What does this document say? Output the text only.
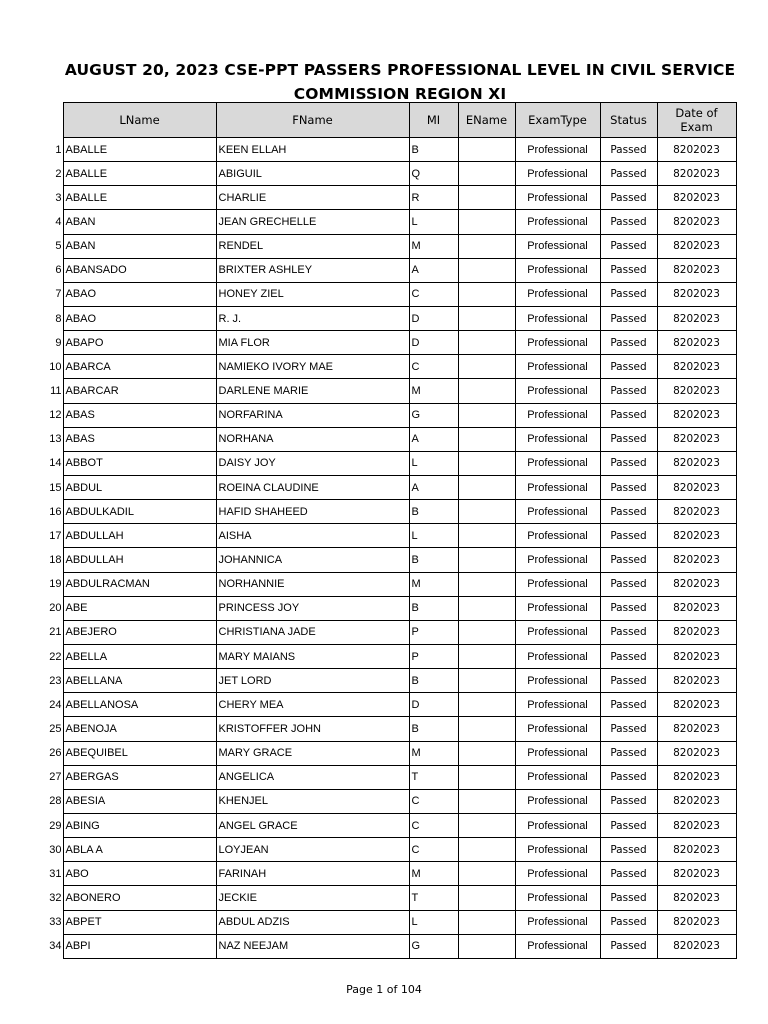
AUGUST 20, 2023 CSE-PPT PASSERS PROFESSIONAL LEVEL IN CIVIL SERVICE
COMMISSION REGION XI
	LName	FName	MI	EName	ExamType	Status	Date of Exam
1	ABALLE	KEEN ELLAH	B		Professional	Passed	8202023
2	ABALLE	ABIGUIL	Q		Professional	Passed	8202023
3	ABALLE	CHARLIE	R		Professional	Passed	8202023
4	ABAN	JEAN GRECHELLE	L		Professional	Passed	8202023
5	ABAN	RENDEL	M		Professional	Passed	8202023
6	ABANSADO	BRIXTER ASHLEY	A		Professional	Passed	8202023
7	ABAO	HONEY ZIEL	C		Professional	Passed	8202023
8	ABAO	R. J.	D		Professional	Passed	8202023
9	ABAPO	MIA FLOR	D		Professional	Passed	8202023
10	ABARCA	NAMIEKO IVORY MAE	C		Professional	Passed	8202023
11	ABARCAR	DARLENE MARIE	M		Professional	Passed	8202023
12	ABAS	NORFARINA	G		Professional	Passed	8202023
13	ABAS	NORHANA	A		Professional	Passed	8202023
14	ABBOT	DAISY JOY	L		Professional	Passed	8202023
15	ABDUL	ROEINA CLAUDINE	A		Professional	Passed	8202023
16	ABDULKADIL	HAFID SHAHEED	B		Professional	Passed	8202023
17	ABDULLAH	AISHA	L		Professional	Passed	8202023
18	ABDULLAH	JOHANNICA	B		Professional	Passed	8202023
19	ABDULRACMAN	NORHANNIE	M		Professional	Passed	8202023
20	ABE	PRINCESS JOY	B		Professional	Passed	8202023
21	ABEJERO	CHRISTIANA JADE	P		Professional	Passed	8202023
22	ABELLA	MARY MAIANS	P		Professional	Passed	8202023
23	ABELLANA	JET LORD	B		Professional	Passed	8202023
24	ABELLANOSA	CHERY MEA	D		Professional	Passed	8202023
25	ABENOJA	KRISTOFFER JOHN	B		Professional	Passed	8202023
26	ABEQUIBEL	MARY GRACE	M		Professional	Passed	8202023
27	ABERGAS	ANGELICA	T		Professional	Passed	8202023
28	ABESIA	KHENJEL	C		Professional	Passed	8202023
29	ABING	ANGEL GRACE	C		Professional	Passed	8202023
30	ABLA A	LOYJEAN	C		Professional	Passed	8202023
31	ABO	FARINAH	M		Professional	Passed	8202023
32	ABONERO	JECKIE	T		Professional	Passed	8202023
33	ABPET	ABDUL ADZIS	L		Professional	Passed	8202023
34	ABPI	NAZ NEEJAM	G		Professional	Passed	8202023
Page 1 of 104
